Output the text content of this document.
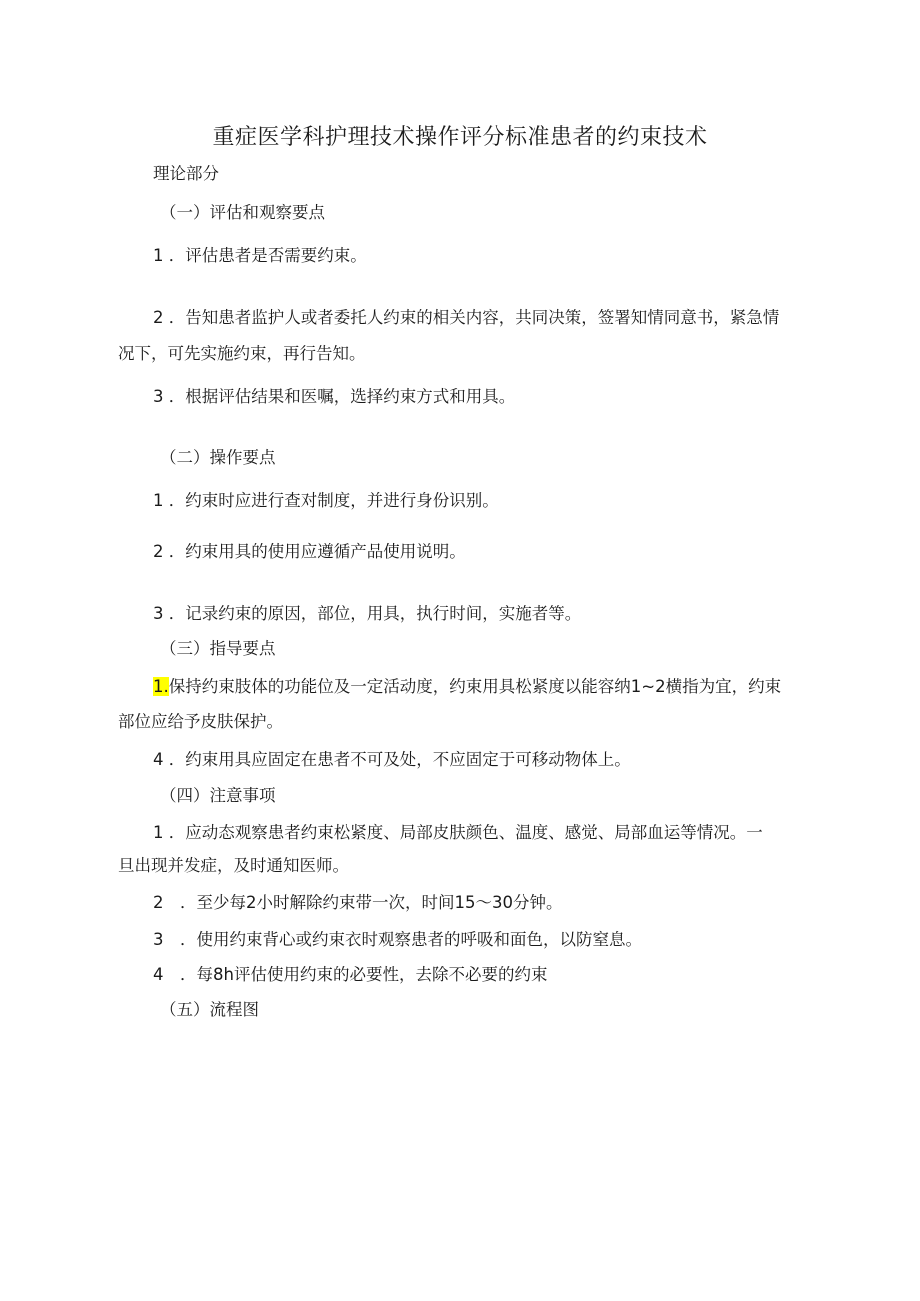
重症医学科护理技术操作评分标准患者的约束技术
理论部分
（一）评估和观察要点
1 ．评估患者是否需要约束。
2 ．告知患者监护人或者委托人约束的相关内容，共同决策，签署知情同意书，紧急情
况下，可先实施约束，再行告知。
3 ．根据评估结果和医嘱，选择约束方式和用具。
（二）操作要点
1 ．约束时应进行查对制度，并进行身份识别。
2 ．约束用具的使用应遵循产品使用说明。
3 ．记录约束的原因，部位，用具，执行时间，实施者等。
（三）指导要点
1.保持约束肢体的功能位及一定活动度，约束用具松紧度以能容纳1~2横指为宜，约束
部位应给予皮肤保护。
4 ．约束用具应固定在患者不可及处，不应固定于可移动物体上。
（四）注意事项
1 ．应动态观察患者约束松紧度、局部皮肤颜色、温度、感觉、局部血运等情况。一
旦出现并发症，及时通知医师。
2　．至少每2小时解除约束带一次，时间15～30分钟。
3　．使用约束背心或约束衣时观察患者的呼吸和面色，以防窒息。
4　．每8h评估使用约束的必要性，去除不必要的约束
（五）流程图
